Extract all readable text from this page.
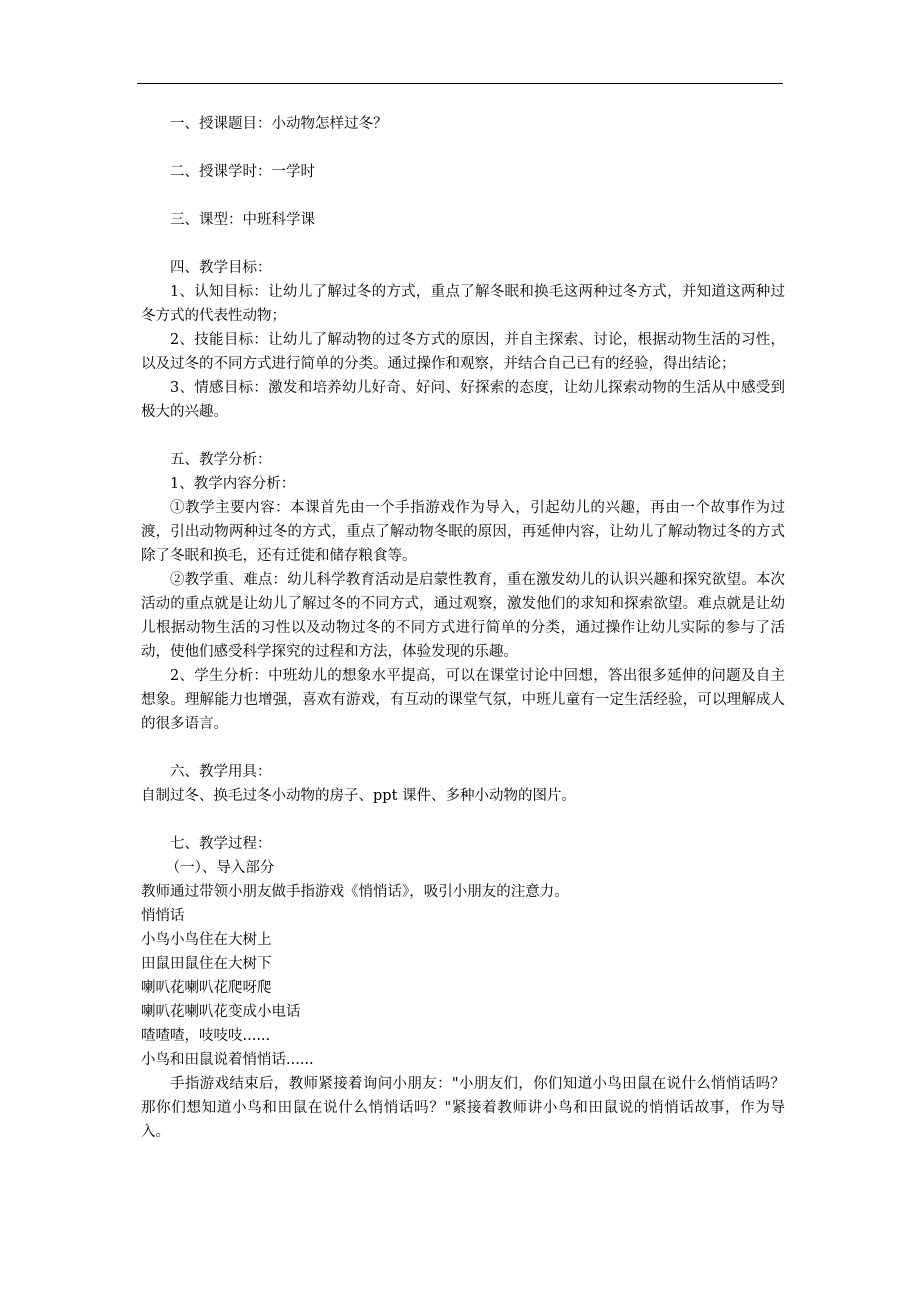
一、授课题目：小动物怎样过冬？

二、授课学时：一学时

三、课型：中班科学课

四、教学目标：

1、认知目标：让幼儿了解过冬的方式，重点了解冬眠和换毛这两种过冬方式，并知道这两种过冬方式的代表性动物；

2、技能目标：让幼儿了解动物的过冬方式的原因，并自主探索、讨论，根据动物生活的习性，以及过冬的不同方式进行简单的分类。通过操作和观察，并结合自己已有的经验，得出结论；

3、情感目标：激发和培养幼儿好奇、好问、好探索的态度，让幼儿探索动物的生活从中感受到极大的兴趣。

五、教学分析：

1、教学内容分析：

①教学主要内容：本课首先由一个手指游戏作为导入，引起幼儿的兴趣，再由一个故事作为过渡，引出动物两种过冬的方式，重点了解动物冬眠的原因，再延伸内容，让幼儿了解动物过冬的方式除了冬眠和换毛，还有迁徙和储存粮食等。

②教学重、难点：幼儿科学教育活动是启蒙性教育，重在激发幼儿的认识兴趣和探究欲望。本次活动的重点就是让幼儿了解过冬的不同方式，通过观察，激发他们的求知和探索欲望。难点就是让幼儿根据动物生活的习性以及动物过冬的不同方式进行简单的分类，通过操作让幼儿实际的参与了活动，使他们感受科学探究的过程和方法，体验发现的乐趣。

2、学生分析：中班幼儿的想象水平提高，可以在课堂讨论中回想，答出很多延伸的问题及自主想象。理解能力也增强，喜欢有游戏，有互动的课堂气氛，中班儿童有一定生活经验，可以理解成人的很多语言。

六、教学用具：

自制过冬、换毛过冬小动物的房子、ppt 课件、多种小动物的图片。

七、教学过程：

（一）、导入部分

教师通过带领小朋友做手指游戏《悄悄话》，吸引小朋友的注意力。

悄悄话

小鸟小鸟住在大树上

田鼠田鼠住在大树下

喇叭花喇叭花爬呀爬

喇叭花喇叭花变成小电话

喳喳喳，吱吱吱......

小鸟和田鼠说着悄悄话......

手指游戏结束后，教师紧接着询问小朋友："小朋友们，你们知道小鸟田鼠在说什么悄悄话吗？那你们想知道小鸟和田鼠在说什么悄悄话吗？"紧接着教师讲小鸟和田鼠说的悄悄话故事，作为导入。
